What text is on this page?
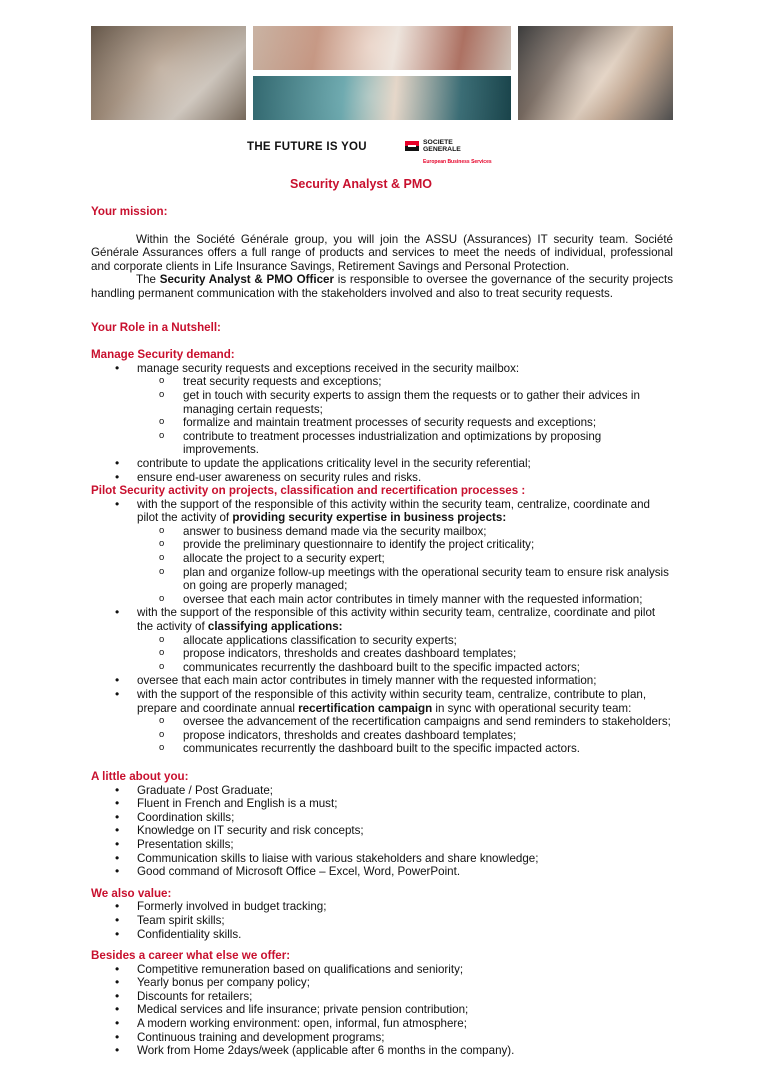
THE FUTURE IS YOU	SOCIETE
GENERALE
European Business Services
Security Analyst & PMO
Your mission:

Within the Société Générale group, you will join the ASSU (Assurances) IT security team. Société Générale Assurances offers a full range of products and services to meet the needs of individual, professional and corporate clients in Life Insurance Savings, Retirement Savings and Personal Protection.

The Security Analyst & PMO Officer is responsible to oversee the governance of the security projects handling permanent communication with the stakeholders involved and also to treat security requests.

Your Role in a Nutshell:
Manage Security demand:
• manage security requests and exceptions received in the security mailbox:
o treat security requests and exceptions;
o get in touch with security experts to assign them the requests or to gather their advices in managing certain requests;
o formalize and maintain treatment processes of security requests and exceptions;
o contribute to treatment processes industrialization and optimizations by proposing improvements.
• contribute to update the applications criticality level in the security referential;
• ensure end-user awareness on security rules and risks.
Pilot Security activity on projects, classification and recertification processes :
• with the support of the responsible of this activity within the security team, centralize, coordinate and pilot the activity of providing security expertise in business projects:
o answer to business demand made via the security mailbox;
o provide the preliminary questionnaire to identify the project criticality;
o allocate the project to a security expert;
o plan and organize follow-up meetings with the operational security team to ensure risk analysis on going are properly managed;
o oversee that each main actor contributes in timely manner with the requested information;
• with the support of the responsible of this activity within security team, centralize, coordinate and pilot the activity of classifying applications:
o allocate applications classification to security experts;
o propose indicators, thresholds and creates dashboard templates;
o communicates recurrently the dashboard built to the specific impacted actors;
• oversee that each main actor contributes in timely manner with the requested information;
• with the support of the responsible of this activity within security team, centralize, contribute to plan, prepare and coordinate annual recertification campaign in sync with operational security team:
o oversee the advancement of the recertification campaigns and send reminders to stakeholders;
o propose indicators, thresholds and creates dashboard templates;
o communicates recurrently the dashboard built to the specific impacted actors.
A little about you:
• Graduate / Post Graduate;
• Fluent in French and English is a must;
• Coordination skills;
• Knowledge on IT security and risk concepts;
• Presentation skills;
• Communication skills to liaise with various stakeholders and share knowledge;
• Good command of Microsoft Office – Excel, Word, PowerPoint.
We also value:
• Formerly involved in budget tracking;
• Team spirit skills;
• Confidentiality skills.
Besides a career what else we offer:
• Competitive remuneration based on qualifications and seniority;
• Yearly bonus per company policy;
• Discounts for retailers;
• Medical services and life insurance; private pension contribution;
• A modern working environment: open, informal, fun atmosphere;
• Continuous training and development programs;
• Work from Home 2days/week (applicable after 6 months in the company).
